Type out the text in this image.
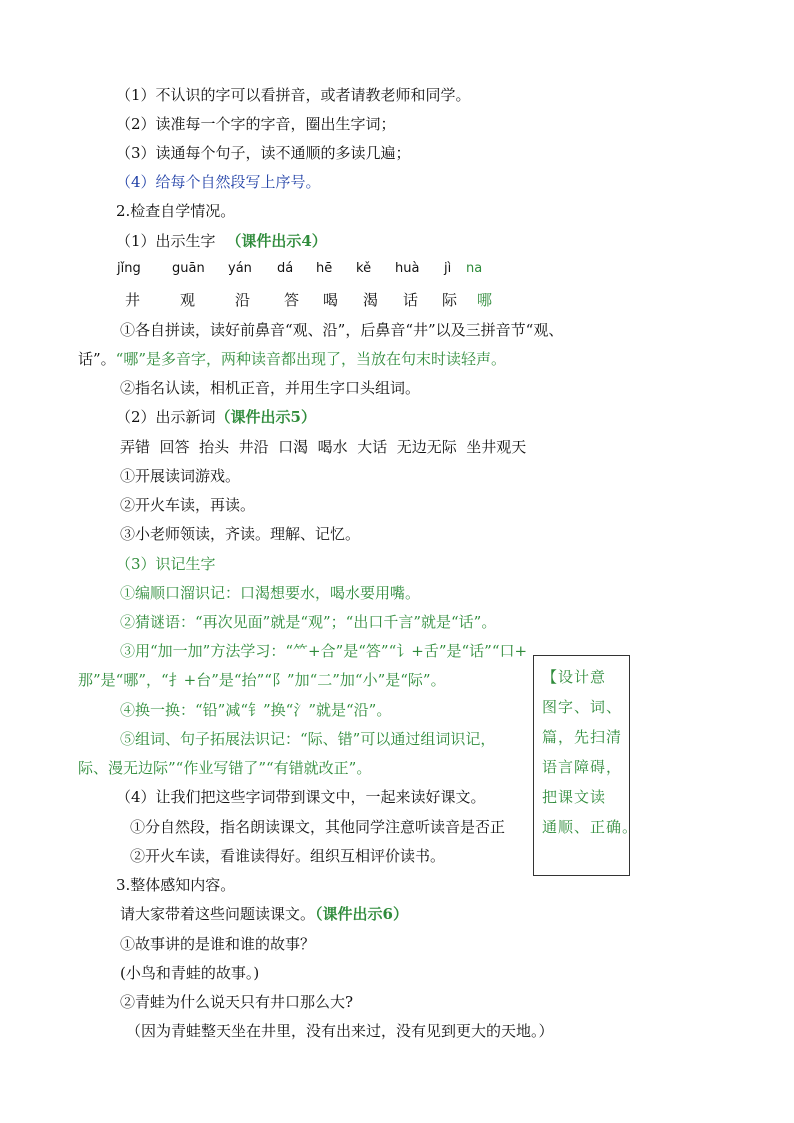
（1）不认识的字可以看拼音，或者请教老师和同学。
（2）读准每一个字的字音，圈出生字词；
（3）读通每个句子，读不通顺的多读几遍；
（4）给每个自然段写上序号。
2.检查自学情况。
（1）出示生字 （课件出示4）
jǐng guān yán dá hē kě huà jì na
井	观	沿 答 喝 渴 话 际 哪
①各自拼读，读好前鼻音“观、沿”，后鼻音“井”以及三拼音节“观、
话”。“哪”是多音字，两种读音都出现了，当放在句末时读轻声。
②指名认读，相机正音，并用生字口头组词。
（2）出示新词（课件出示5）
弄错  回答  抬头  井沿  口渴  喝水  大话  无边无际  坐井观天
①开展读词游戏。
②开火车读，再读。
③小老师领读，齐读。理解、记忆。
（3）识记生字
①编顺口溜识记：口渴想要水，喝水要用嘴。
②猜谜语：“再次见面”就是“观”；“出口千言”就是“话”。
③用“加一加”方法学习：“⺮+合”是“答”“讠+舌”是“话”“口+
那”是“哪”，“扌+台”是“抬”“阝”加“二”加“小”是“际”。
④换一换：“铅”减“钅”换“氵”就是“沿”。
⑤组词、句子拓展法识记：“际、错”可以通过组词识记，
际、漫无边际”“作业写错了”“有错就改正”。
（4）让我们把这些字词带到课文中，一起来读好课文。
①分自然段，指名朗读课文，其他同学注意听读音是否正
②开火车读，看谁读得好。组织互相评价读书。
3.整体感知内容。
请大家带着这些问题读课文。（课件出示6）
①故事讲的是谁和谁的故事？
(小鸟和青蛙的故事。)
②青蛙为什么说天只有井口那么大?
（因为青蛙整天坐在井里，没有出来过，没有见到更大的天地。）
【设计意
图字、词、
篇，先扫清
语言障碍，
把课文读
通顺、正确。
